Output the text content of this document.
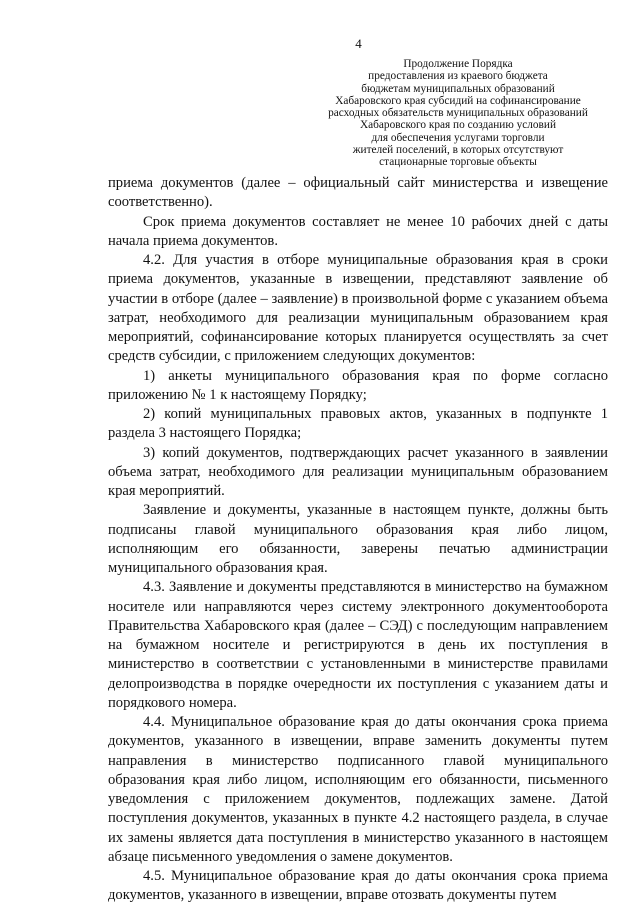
4
Продолжение Порядка
предоставления из краевого бюджета
бюджетам муниципальных образований
Хабаровского края субсидий на софинансирование
расходных обязательств муниципальных образований
Хабаровского края по созданию условий
для обеспечения услугами торговли
жителей поселений, в которых отсутствуют
стационарные торговые объекты

приема документов (далее – официальный сайт министерства и извещение соответственно).

Срок приема документов составляет не менее 10 рабочих дней с даты начала приема документов.

4.2. Для участия в отборе муниципальные образования края в сроки приема документов, указанные в извещении, представляют заявление об участии в отборе (далее – заявление) в произвольной форме с указанием объема затрат, необходимого для реализации муниципальным образованием края мероприятий, софинансирование которых планируется осуществлять за счет средств субсидии, с приложением следующих документов:

1) анкеты муниципального образования края по форме согласно приложению № 1 к настоящему Порядку;

2) копий муниципальных правовых актов, указанных в подпункте 1 раздела 3 настоящего Порядка;

3) копий документов, подтверждающих расчет указанного в заявлении объема затрат, необходимого для реализации муниципальным образованием края мероприятий.

Заявление и документы, указанные в настоящем пункте, должны быть подписаны главой муниципального образования края либо лицом, исполняющим его обязанности, заверены печатью администрации муниципального образования края.

4.3. Заявление и документы представляются в министерство на бумажном носителе или направляются через систему электронного документооборота Правительства Хабаровского края (далее – СЭД) с последующим направлением на бумажном носителе и регистрируются в день их поступления в министерство в соответствии с установленными в министерстве правилами делопроизводства в порядке очередности их поступления с указанием даты и порядкового номера.

4.4. Муниципальное образование края до даты окончания срока приема документов, указанного в извещении, вправе заменить документы путем направления в министерство подписанного главой муниципального образования края либо лицом, исполняющим его обязанности, письменного уведомления с приложением документов, подлежащих замене. Датой поступления документов, указанных в пункте 4.2 настоящего раздела, в случае их замены является дата поступления в министерство указанного в настоящем абзаце письменного уведомления о замене документов.

4.5. Муниципальное образование края до даты окончания срока приема документов, указанного в извещении, вправе отозвать документы путем
